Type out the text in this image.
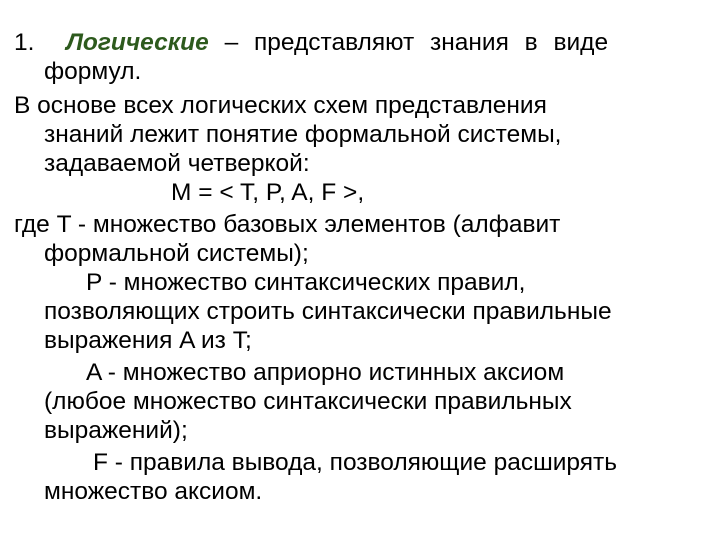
1. Логические – представляют знания в виде
формул.
В основе всех логических схем представления
знаний лежит понятие формальной системы,
задаваемой четверкой:
M = < T, P, A, F >,
где T - множество базовых элементов (алфавит
формальной системы);
P - множество синтаксических правил,
позволяющих строить синтаксически правильные
выражения A из T;
A - множество априорно истинных аксиом
(любое множество синтаксически правильных
выражений);
F - правила вывода, позволяющие расширять
множество аксиом.
